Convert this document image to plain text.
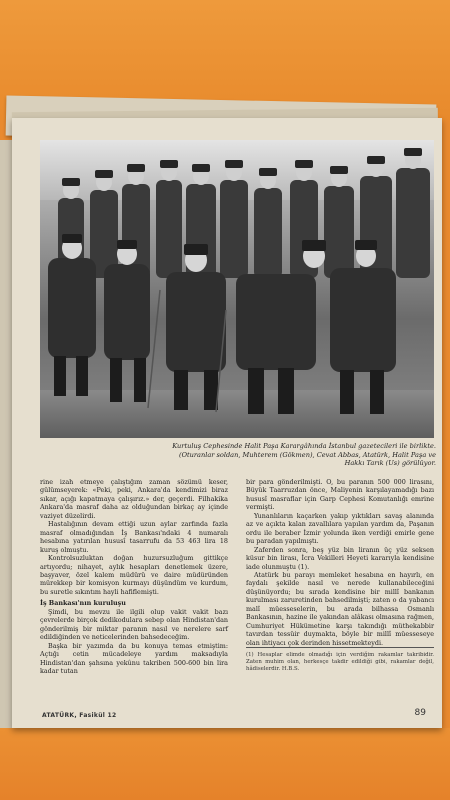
Kurtuluş Cephesinde Halit Paşa Karargâhında İstanbul gazetecileri ile birlikte. (Oturanlar soldan, Muhterem (Gökmen), Cevat Abbas, Atatürk, Halit Paşa ve Hakkı Tarık (Us) görülüyor.

rine izah etmeye çalıştığım zaman sözümü keser, gülümseyerek: «Peki, peki, Ankara'da kendimizi biraz sıkar, açığı kapatmaya çalışırız.» der, geçerdi. Filhakika Ankara'da masraf daha az olduğundan birkaç ay içinde vaziyet düzelirdi.

Hastalığının devam ettiği uzun aylar zarfında fazla masraf olmadığından İş Bankası'ndaki 4 numaralı hesabına yatırılan hususî tasarrufu da 53 463 lira 18 kuruş olmuştu.

Kontrolsuzluktan doğan huzursuzluğum gittikçe artıyordu; nihayet, aylık hesapları denetlemek üzere, başyaver, özel kalem müdürü ve daire müdüründen mürekkep bir komisyon kurmayı düşündüm ve kurdum, bu suretle sıkıntım hayli hafiflemişti.

İş Bankası'nın kuruluşu

Şimdi, bu mevzu ile ilgili olup vakit vakit bazı çevrelerde birçok dedikodulara sebep olan Hindistan'dan gönderilmiş bir miktar paranın nasıl ve nerelere sarf edildiğinden ve neticelerinden bahsedeceğim.

Başka bir yazımda da bu konuya temas etmiştim: Açtığı cetin mücadeleye yardım maksadıyla Hindistan'dan şahsına yekûnu takriben 500-600 bin lira kadar tutan

bir para gönderilmişti. O, bu paranın 500 000 lirasını, Büyük Taarruzdan önce, Maliyenin karşılayamadığı bazı hususî masraflar için Garp Cephesi Komutanlığı emrine vermişti.

Yunanlıların kaçarken yakıp yıktıkları savaş alanında az ve açıkta kalan zavallılara yapılan yardım da, Paşanın ordu ile beraber İzmir yolunda iken verdiği emirle gene bu paradan yapılmıştı.

Zaferden sonra, beş yüz bin liranın üç yüz seksen küsur bin lirası, İcra Vekilleri Heyeti kararıyla kendisine iade olunmuştu (1).

Atatürk bu parayı memleket hesabına en hayırlı, en faydalı şekilde nasıl ve nerede kullanabileceğini düşünüyordu; bu sırada kendisine bir millî bankanın kurulması zaruretinden bahsedilmişti; zaten o da yabancı malî müesseselerin, bu arada bilhassa Osmanlı Bankasının, hazine ile yakından alâkası olmasına rağmen, Cumhuriyet Hükümetine karşı takındığı müthekabbir tavırdan tessüir duymakta, böyle bir millî müesseseye olan ihtiyacı çok derinden hissetmekteydi.

(1) Hesaplar elimde olmadığı için verdiğim rakamlar takribidir. Zaten muhim olan, herkesçe takdir edildiği gibi, rakamlar değil, hâdiselerdir. H.B.S.

ATATÜRK, Fasikül 12	89
